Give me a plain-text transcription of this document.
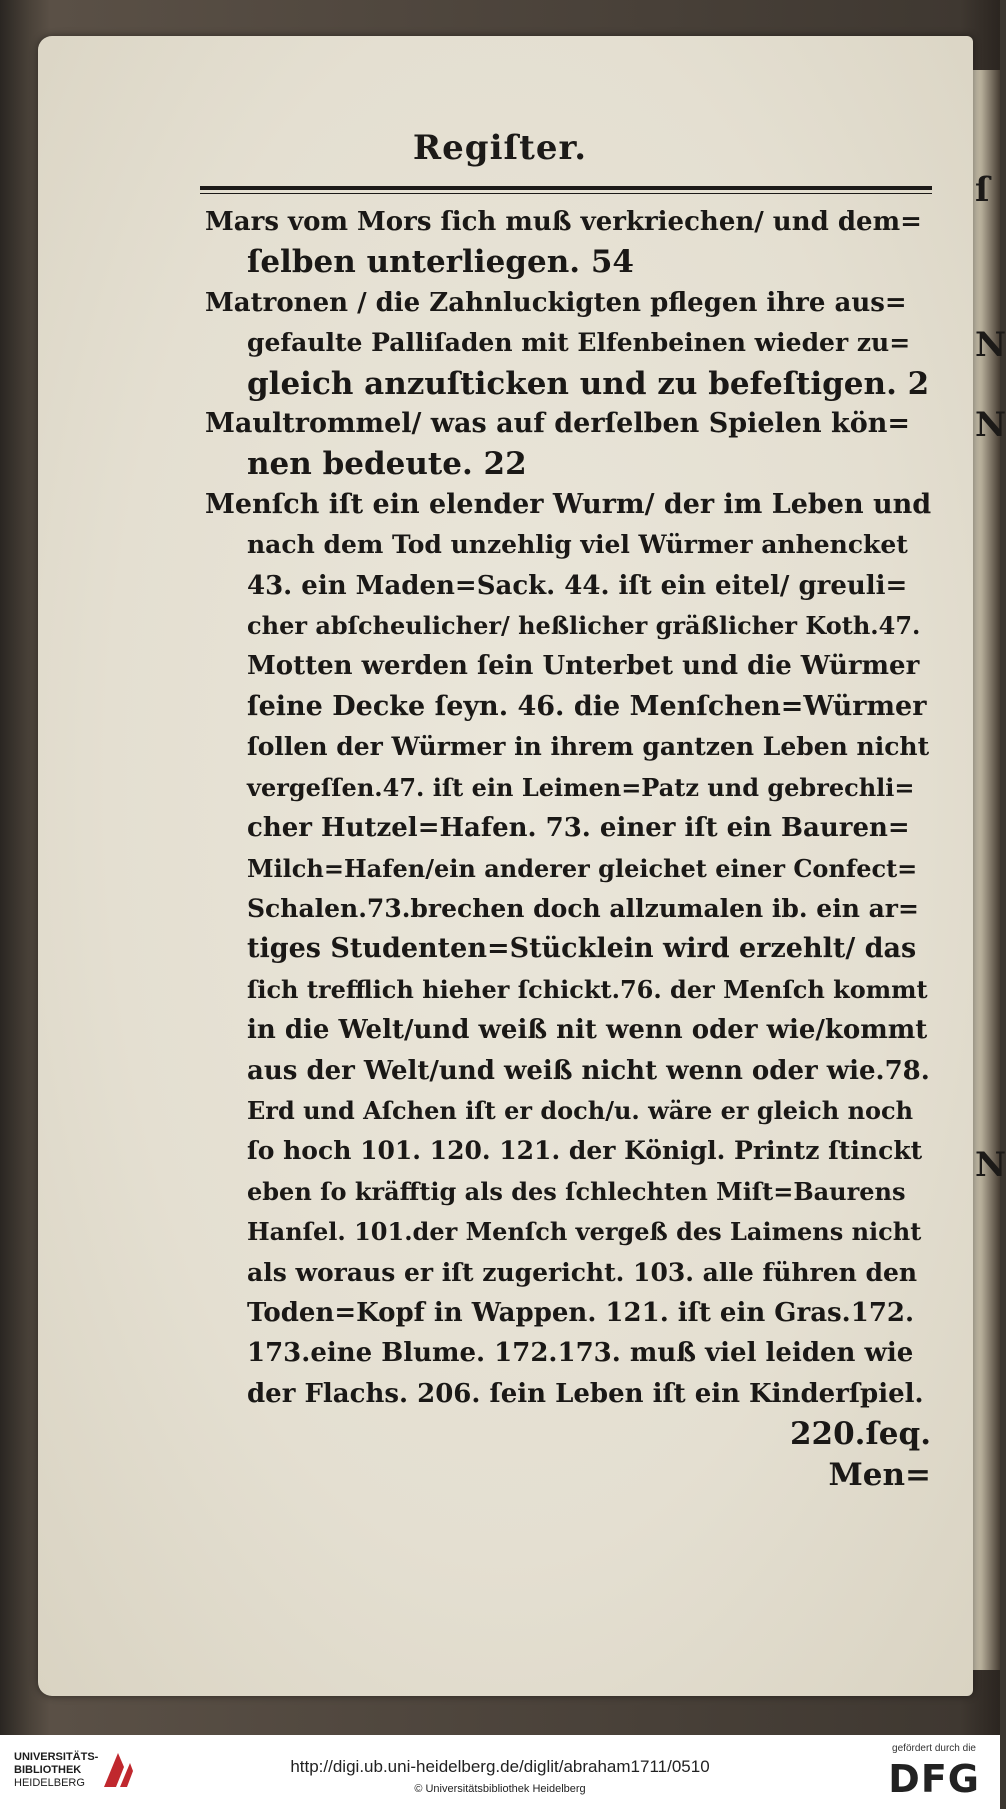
ſ
N
N
N
Regiſter.
Mars vom Mors ſich muß verkriechen/ und dem=
ſelben unterliegen. 54
Matronen / die Zahnluckigten pflegen ihre aus=
gefaulte Palliſaden mit Elfenbeinen wieder zu=
gleich anzuſticken und zu befeſtigen. 2
Maultrommel/ was auf derſelben Spielen kön=
nen bedeute. 22
Menſch iſt ein elender Wurm/ der im Leben und
nach dem Tod unzehlig viel Würmer anhencket
43. ein Maden=Sack. 44. iſt ein eitel/ greuli=
cher abſcheulicher/ heßlicher gräßlicher Koth.47.
Motten werden ſein Unterbet und die Würmer
ſeine Decke ſeyn. 46. die Menſchen=Würmer
ſollen der Würmer in ihrem gantzen Leben nicht
vergeſſen.47. iſt ein Leimen=Patz und gebrechli=
cher Hutzel=Hafen. 73. einer iſt ein Bauren=
Milch=Hafen/ein anderer gleichet einer Confect=
Schalen.73.brechen doch allzumalen ib. ein ar=
tiges Studenten=Stücklein wird erzehlt/ das
ſich trefflich hieher ſchickt.76. der Menſch kommt
in die Welt/und weiß nit wenn oder wie/kommt
aus der Welt/und weiß nicht wenn oder wie.78.
Erd und Aſchen iſt er doch/u. wäre er gleich noch
ſo hoch 101. 120. 121. der Königl. Printz ſtinckt
eben ſo kräfftig als des ſchlechten Miſt=Baurens
Hanſel. 101.der Menſch vergeß des Laimens nicht
als woraus er iſt zugericht. 103. alle führen den
Toden=Kopf in Wappen. 121. iſt ein Gras.172.
173.eine Blume. 172.173. muß viel leiden wie
der Flachs. 206. ſein Leben iſt ein Kinderſpiel.
220.ſeq.
Men=
UNIVERSITÄTS-
BIBLIOTHEK
HEIDELBERG
http://digi.ub.uni-heidelberg.de/diglit/abraham1711/0510
© Universitätsbibliothek Heidelberg
gefördert durch die
DFG
